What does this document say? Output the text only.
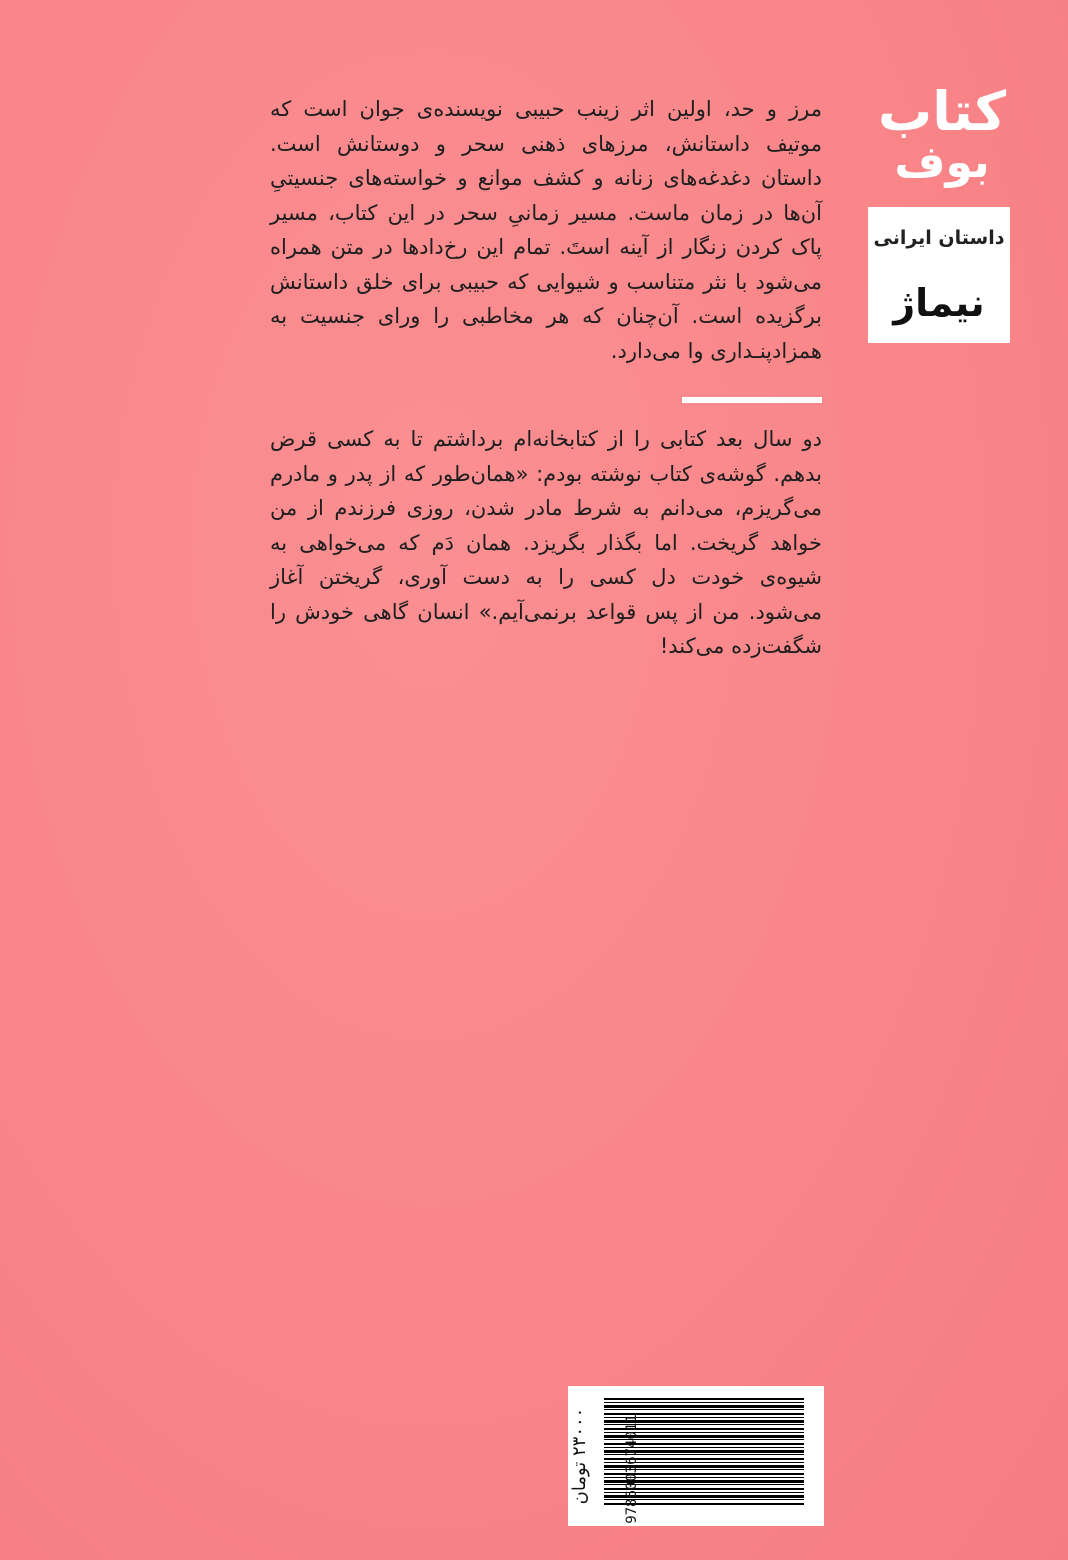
کتاب
بوف
داستان ایرانی
نیماژ

مرز و حد، اولین اثر زینب حبیبی نویسنده‌ی جوان است که موتیف داستانش، مرزهای ذهنی سحر و دوستانش است. داستان دغدغه‌های زنانه و کشف موانع و خواسته‌های جنسیتیِ آن‌ها در زمان ماست. مسیر زمانیِ سحر در این کتاب، مسیر پاک کردن زنگار از آینه استَ. تمام این رخ‌دادها در متن همراه می‌شود با نثر متناسب و شیوایی که حبیبی برای خلق داستانش برگزیده است. آن‌چنان که هر مخاطبی را ورای جنسیت به همزادپنـداری وا می‌دارد.

دو سال بعد کتابی را از کتابخانه‌ام برداشتم تا به کسی قرض بدهم. گوشه‌ی کتاب نوشته بودم: «همان‌طور که از پدر و مادرم می‌گریزم، می‌دانم به شرط مادر شدن، روزی فرزندم از من خواهد گریخت. اما بگذار بگریزد. همان دَم که می‌خواهی به شیوه‌ی خودت دل کسی را به دست آوری، گریختن آغاز می‌شود. من از پس قواعد برنمی‌آیم.» انسان گاهی خودش را شگفت‌زده می‌کند!

9786003674011
۲۳۰۰۰ تومان
